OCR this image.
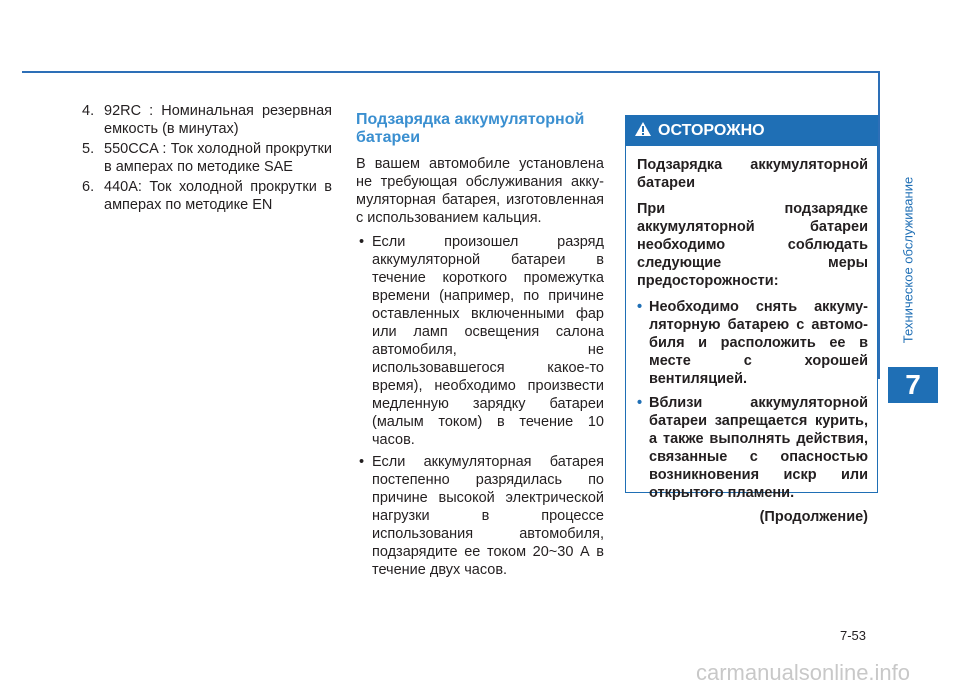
Техническое обслуживание
7
4. 92RC : Номинальная резервная емкость (в минутах)
5. 550CCA : Ток холодной прокрутки в амперах по методике SAE
6. 440A: Ток холодной прокрутки в амперах по методике EN
Подзарядка аккумуляторной батареи

В вашем автомобиле установлена не требующая обслуживания акку-муляторная батарея, изготовленная с использованием кальция.

• Если произошел разряд аккумуляторной батареи в течение короткого промежутка времени (например, по причине оставленных включенными фар или ламп освещения салона автомобиля, не использовавшегося какое-то время), необходимо произвести медленную зарядку батареи (малым током) в течение 10 часов.
• Если аккумуляторная батарея постепенно разрядилась по причине высокой электрической нагрузки в процессе использования автомобиля, подзарядите ее током 20~30 А в течение двух часов.
ОСТОРОЖНО

Подзарядка аккумуляторной батареи

При подзарядке аккумуляторной батареи необходимо соблюдать следующие меры предосторожности:

• Необходимо снять аккуму-ляторную батарею с автомо-биля и расположить ее в месте с хорошей вентиляцией.
• Вблизи аккумуляторной батареи запрещается курить, а также выполнять действия, связанные с опасностью возникновения искр или открытого пламени.
(Продолжение)
7-53
carmanualsonline.info
